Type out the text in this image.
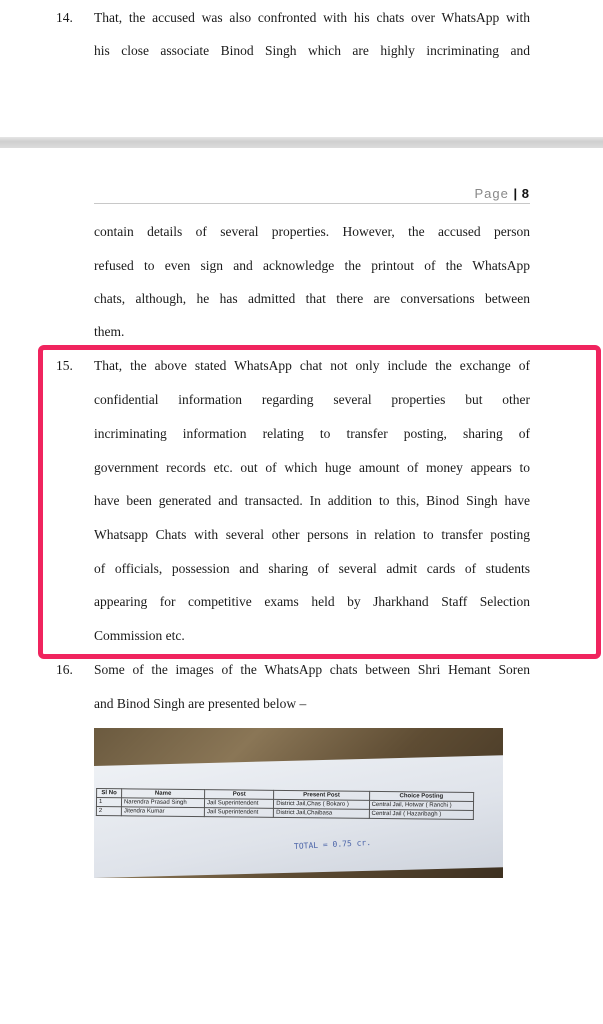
14. That, the accused was also confronted with his chats over WhatsApp with
his close associate Binod Singh which are highly incriminating and
Page | 8
contain details of several properties. However, the accused person
refused to even sign and acknowledge the printout of the WhatsApp
chats, although, he has admitted that there are conversations between
them.
15. That, the above stated WhatsApp chat not only include the exchange of
confidential information regarding several properties but other
incriminating information relating to transfer posting, sharing of
government records etc. out of which huge amount of money appears to
have been generated and transacted. In addition to this, Binod Singh have
Whatsapp Chats with several other persons in relation to transfer posting
of officials, possession and sharing of several admit cards of students
appearing for competitive exams held by Jharkhand Staff Selection
Commission etc.
16. Some of the images of the WhatsApp chats between Shri Hemant Soren
and Binod Singh are presented below –
Sl No	Name	Post	Present Post	Choice Posting
1	Narendra Prasad Singh	Jail Superintendent	District Jail,Chas ( Bokaro )	Central Jail, Hotwar ( Ranchi )
2	Jitendra Kumar	Jail Superintendent	District Jail,Chaibasa	Central Jail ( Hazaribagh )
TOTAL = 0.75 cr.
